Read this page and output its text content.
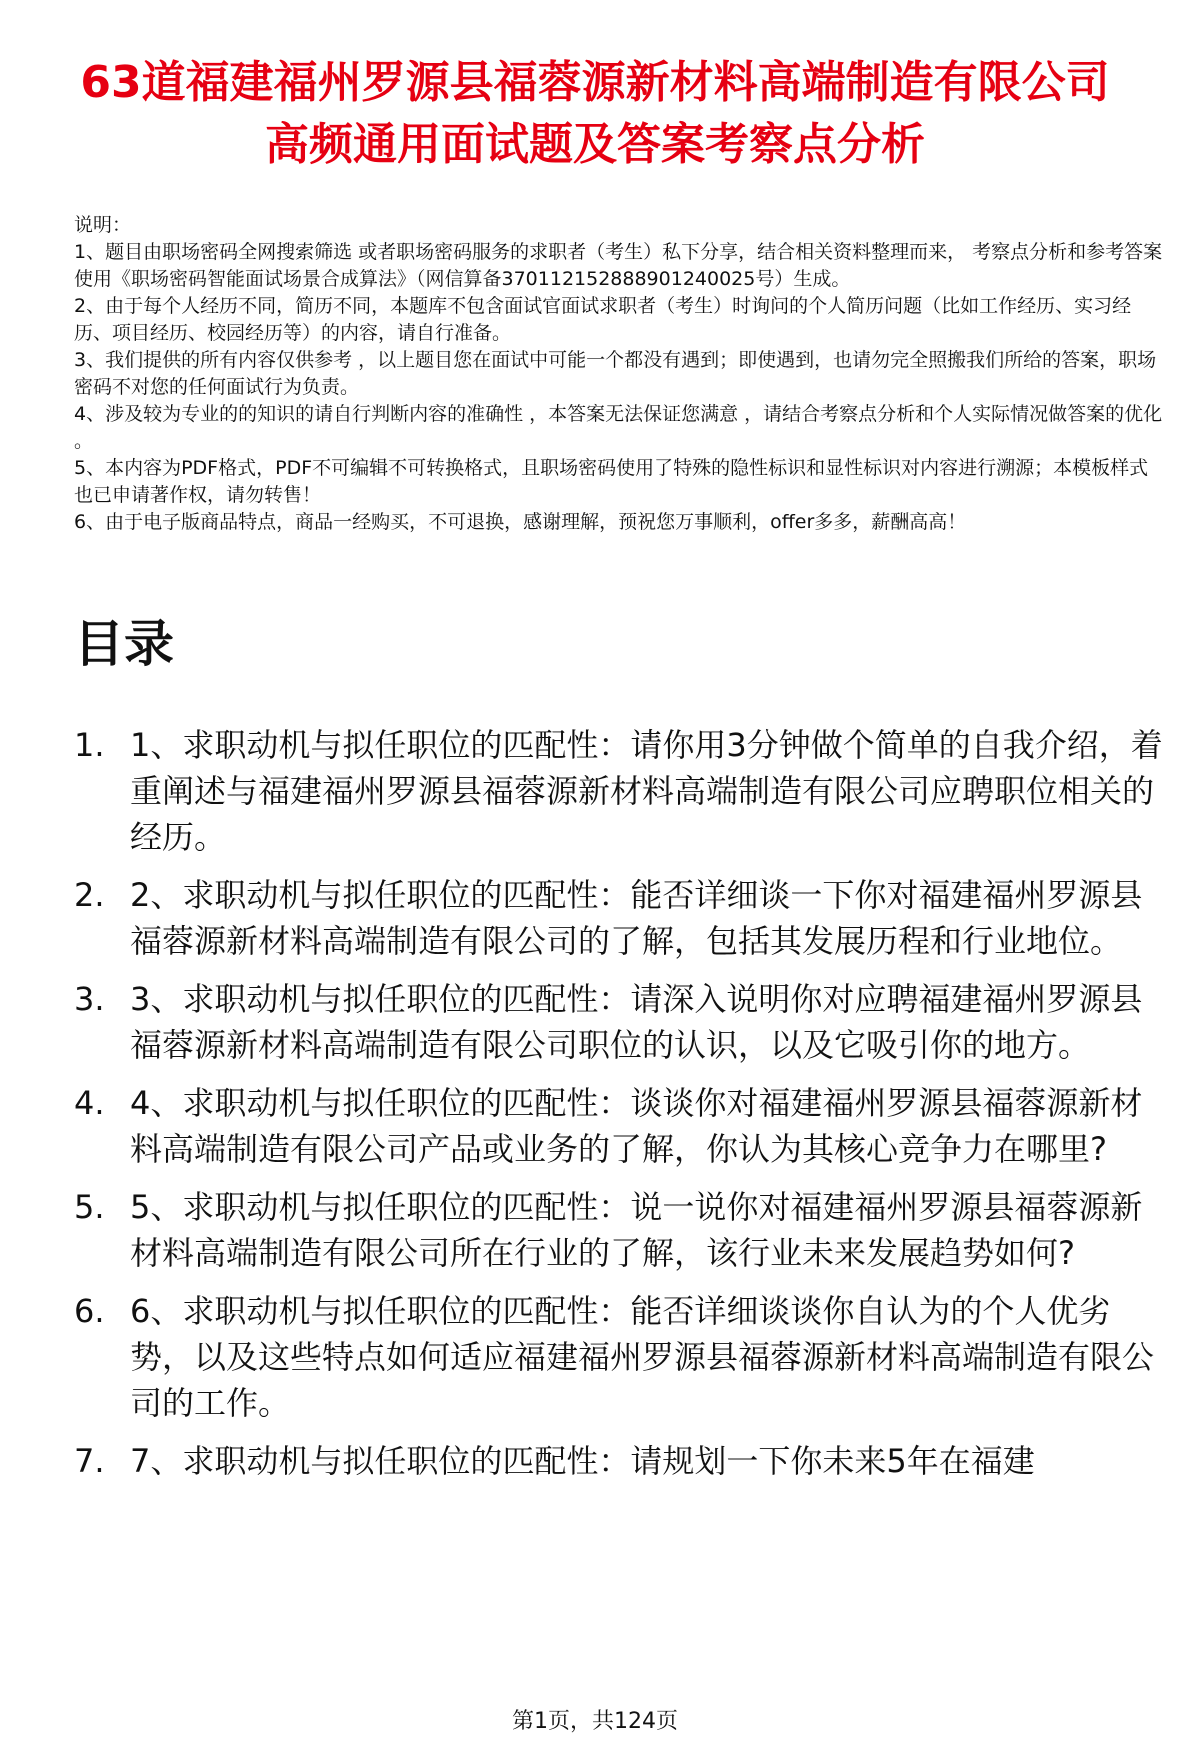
63道福建福州罗源县福蓉源新材料高端制造有限公司高频通用面试题及答案考察点分析

说明：

1、题目由职场密码全网搜索筛选 或者职场密码服务的求职者（考生）私下分享，结合相关资料整理而来， 考察点分析和参考答案使用《职场密码智能面试场景合成算法》（网信算备370112152888901240025号）生成。

2、由于每个人经历不同，简历不同，本题库不包含面试官面试求职者（考生）时询问的个人简历问题（比如工作经历、实习经历、项目经历、校园经历等）的内容，请自行准备。

3、我们提供的所有内容仅供参考 ，以上题目您在面试中可能一个都没有遇到；即使遇到，也请勿完全照搬我们所给的答案，职场密码不对您的任何面试行为负责。

4、涉及较为专业的的知识的请自行判断内容的准确性 ，本答案无法保证您满意 ，请结合考察点分析和个人实际情况做答案的优化 。

5、本内容为PDF格式，PDF不可编辑不可转换格式，且职场密码使用了特殊的隐性标识和显性标识对内容进行溯源；本模板样式也已申请著作权，请勿转售！

6、由于电子版商品特点，商品一经购买，不可退换，感谢理解，预祝您万事顺利，offer多多，薪酬高高！

目录
1. 1、求职动机与拟任职位的匹配性：请你用3分钟做个简单的自我介绍，着重阐述与福建福州罗源县福蓉源新材料高端制造有限公司应聘职位相关的经历。
2. 2、求职动机与拟任职位的匹配性：能否详细谈一下你对福建福州罗源县福蓉源新材料高端制造有限公司的了解，包括其发展历程和行业地位。
3. 3、求职动机与拟任职位的匹配性：请深入说明你对应聘福建福州罗源县福蓉源新材料高端制造有限公司职位的认识，以及它吸引你的地方。
4. 4、求职动机与拟任职位的匹配性：谈谈你对福建福州罗源县福蓉源新材料高端制造有限公司产品或业务的了解，你认为其核心竞争力在哪里?
5. 5、求职动机与拟任职位的匹配性：说一说你对福建福州罗源县福蓉源新材料高端制造有限公司所在行业的了解，该行业未来发展趋势如何?
6. 6、求职动机与拟任职位的匹配性：能否详细谈谈你自认为的个人优劣势，以及这些特点如何适应福建福州罗源县福蓉源新材料高端制造有限公司的工作。
7. 7、求职动机与拟任职位的匹配性：请规划一下你未来5年在福建
第1页，共124页
